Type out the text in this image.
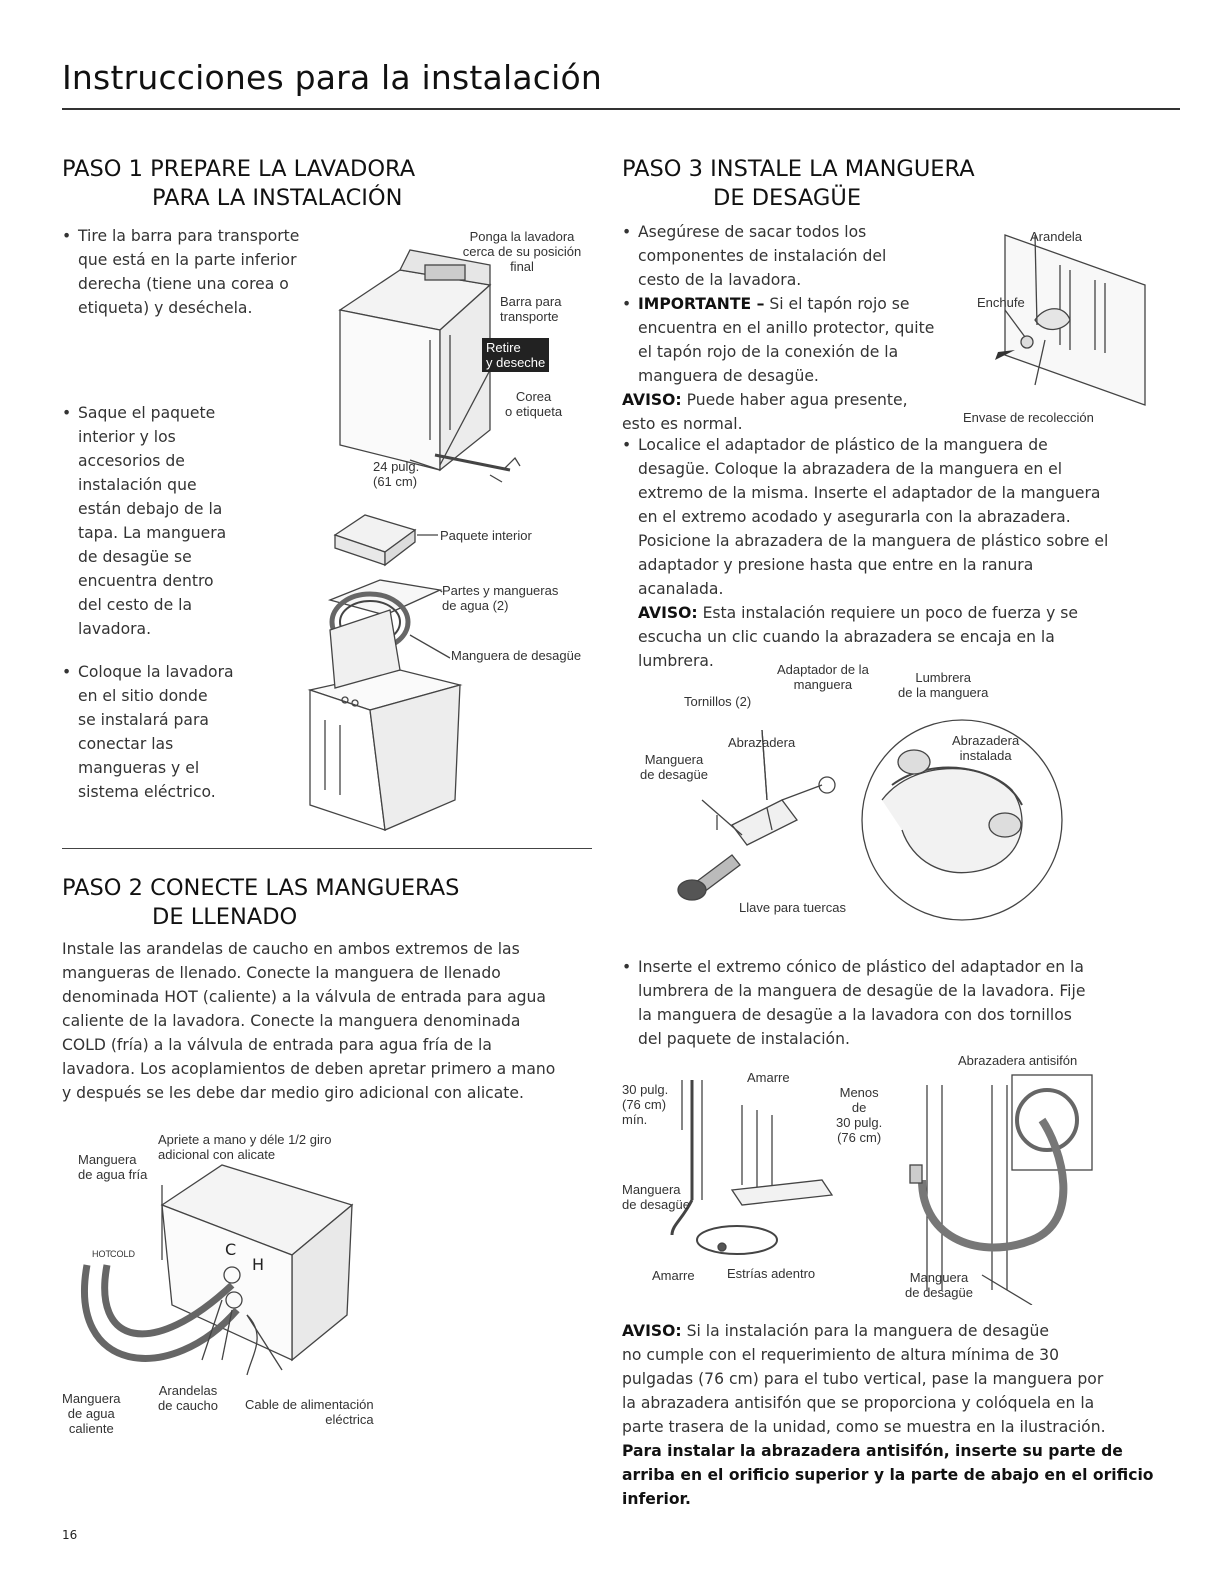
Instrucciones para la instalación
PASO 1 PREPARE LA LAVADORA
PARA LA INSTALACIÓN
• Tire la barra para transporte
que está en la parte inferior
derecha (tiene una corea o
etiqueta) y deséchela.
• Saque el paquete
interior y los
accesorios de
instalación que
están debajo de la
tapa. La manguera
de desagüe se
encuentra dentro
del cesto de la
lavadora.
• Coloque la lavadora
en el sitio donde
se instalará para
conectar las
mangueras y el
sistema eléctrico.
Retire
y deseche
Ponga la lavadora
cerca de su posición
final
Barra para
transporte
Corea
o etiqueta
24 pulg.
(61 cm)
Paquete interior
Partes y mangueras
de agua (2)
Manguera de desagüe
PASO 2 CONECTE LAS MANGUERAS
DE LLENADO
Instale las arandelas de caucho en ambos extremos de las
mangueras de llenado. Conecte la manguera de llenado
denominada HOT (caliente) a la válvula de entrada para agua
caliente de la lavadora. Conecte la manguera denominada
COLD (fría) a la válvula de entrada para agua fría de la
lavadora. Los acoplamientos de deben apretar primero a mano
y después se les debe dar medio giro adicional con alicate.
HOT COLD	C
H
Apriete a mano y déle 1/2 giro
adicional con alicate
Manguera
de agua fría
Manguera
de agua
caliente
Arandelas
de caucho Cable de alimentación
eléctrica
PASO 3 INSTALE LA MANGUERA
DE DESAGÜE
• Asegúrese de sacar todos los
componentes de instalación del
cesto de la lavadora.
• IMPORTANTE – Si el tapón rojo se
encuentra en el anillo protector, quite
el tapón rojo de la conexión de la
manguera de desagüe.
AVISO: Puede haber agua presente,
esto es normal.
Arandela
Enchufe
Envase de recolección
• Localice el adaptador de plástico de la manguera de
desagüe. Coloque la abrazadera de la manguera en el
extremo de la misma. Inserte el adaptador de la manguera
en el extremo acodado y asegurarla con la abrazadera.
Posicione la abrazadera de la manguera de plástico sobre el
adaptador y presione hasta que entre en la ranura
acanalada.
AVISO: Esta instalación requiere un poco de fuerza y se
escucha un clic cuando la abrazadera se encaja en la
lumbrera.	Adaptador de la
manguera	Lumbrera
de la manguera
Tornillos (2)
Abrazadera	Abrazadera
instalada
Manguera
de desagüe
Llave para tuercas
• Inserte el extremo cónico de plástico del adaptador en la
lumbrera de la manguera de desagüe de la lavadora. Fije
la manguera de desagüe a la lavadora con dos tornillos
del paquete de instalación.
Abrazadera antisifón
Amarre
30 pulg.
(76 cm)
mín.
Menos
de
30 pulg.
(76 cm)
Manguera
de desagüe
Amarre Estrías adentro	Manguera
de desagüe
AVISO: Si la instalación para la manguera de desagüe
no cumple con el requerimiento de altura mínima de 30
pulgadas (76 cm) para el tubo vertical, pase la manguera por
la abrazadera antisifón que se proporciona y colóquela en la
parte trasera de la unidad, como se muestra en la ilustración.
Para instalar la abrazadera antisifón, inserte su parte de
arriba en el orificio superior y la parte de abajo en el orificio
inferior.
16
